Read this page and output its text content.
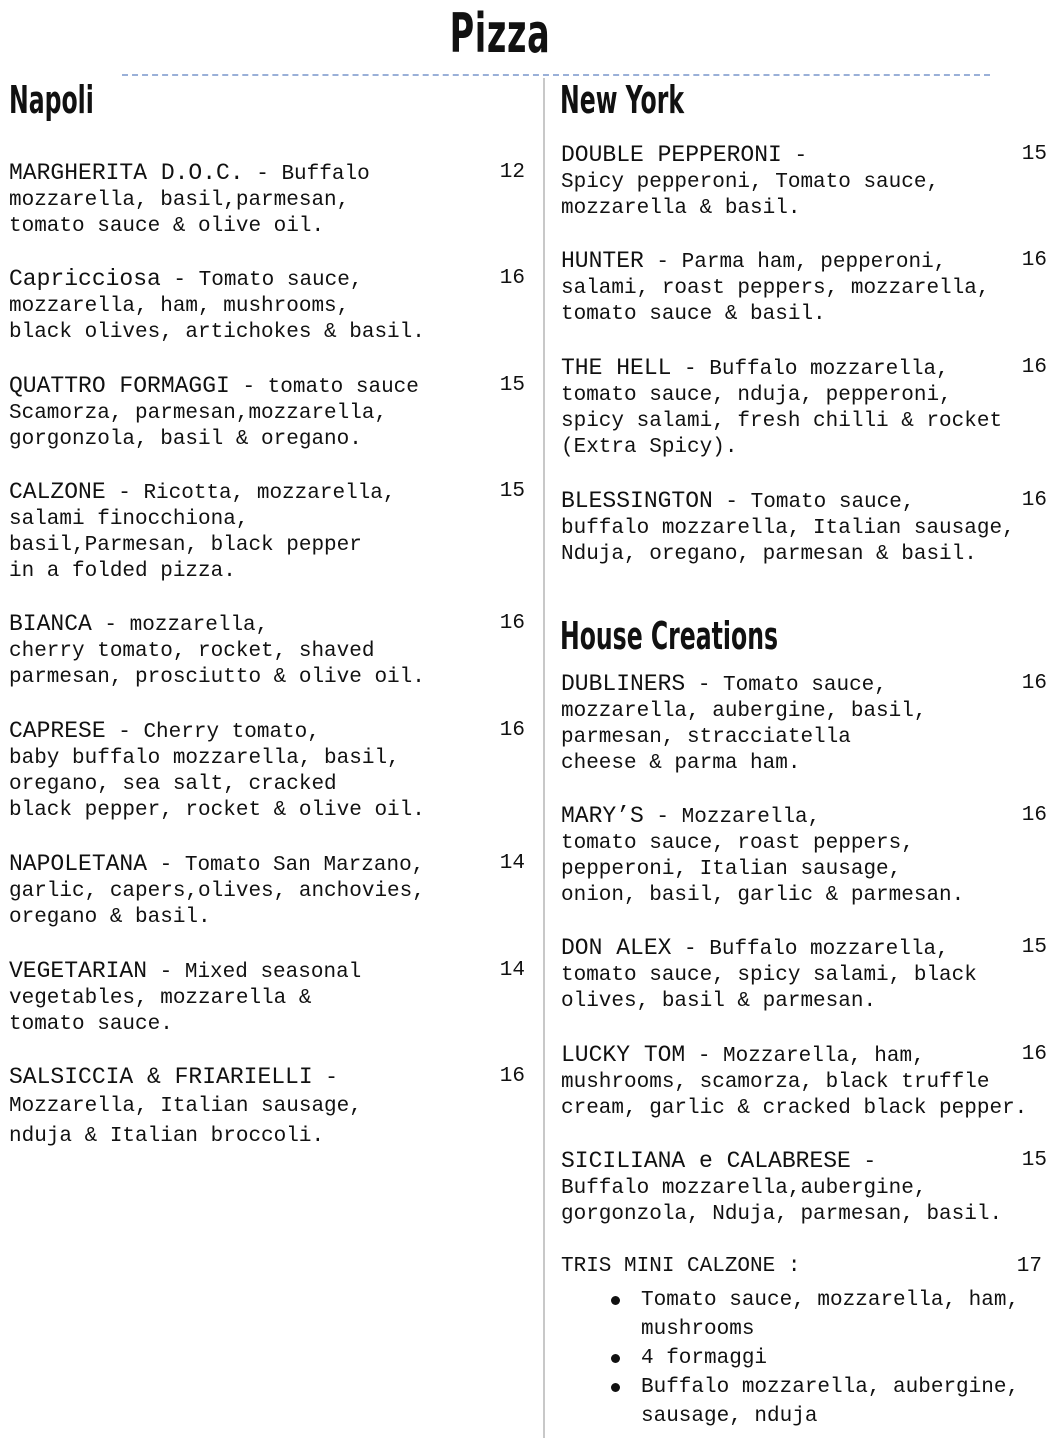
Pizza
Napoli	New York
House Creations
MARGHERITA D.O.C. - Buffalo
mozzarella, basil,parmesan,
tomato sauce & olive oil.
12
Capricciosa - Tomato sauce,
mozzarella, ham, mushrooms,
black olives, artichokes & basil.
16
QUATTRO FORMAGGI - tomato sauce
Scamorza, parmesan,mozzarella,
gorgonzola, basil & oregano.
15
CALZONE - Ricotta, mozzarella,
salami finocchiona,
basil,Parmesan, black pepper
in a folded pizza.
15
BIANCA - mozzarella,
cherry tomato, rocket, shaved
parmesan, prosciutto & olive oil.
16
CAPRESE - Cherry tomato,
baby buffalo mozzarella, basil,
oregano, sea salt, cracked
black pepper, rocket & olive oil.
16
NAPOLETANA - Tomato San Marzano,
garlic, capers,olives, anchovies,
oregano & basil.
14
VEGETARIAN - Mixed seasonal
vegetables, mozzarella &
tomato sauce.
14
SALSICCIA & FRIARIELLI -
Mozzarella, Italian sausage,
nduja & Italian broccoli.
16
DOUBLE PEPPERONI -
Spicy pepperoni, Tomato sauce,
mozzarella & basil.
15
HUNTER - Parma ham, pepperoni,
salami, roast peppers, mozzarella,
tomato sauce & basil.
16
THE HELL - Buffalo mozzarella,
tomato sauce, nduja, pepperoni,
spicy salami, fresh chilli & rocket
(Extra Spicy).
16
BLESSINGTON - Tomato sauce,
buffalo mozzarella, Italian sausage,
Nduja, oregano, parmesan & basil.
16
DUBLINERS - Tomato sauce,
mozzarella, aubergine, basil,
parmesan, stracciatella
cheese & parma ham.
16
MARY’S - Mozzarella,
tomato sauce, roast peppers,
pepperoni, Italian sausage,
onion, basil, garlic & parmesan.
16
DON ALEX - Buffalo mozzarella,
tomato sauce, spicy salami, black
olives, basil & parmesan.
15
LUCKY TOM - Mozzarella, ham,
mushrooms, scamorza, black truffle
cream, garlic & cracked black pepper.
16
SICILIANA e CALABRESE -
Buffalo mozzarella,aubergine,
gorgonzola, Nduja, parmesan, basil.
15
TRIS MINI CALZONE :	17
Tomato sauce, mozzarella, ham,
mushrooms
4 formaggi
Buffalo mozzarella, aubergine,
sausage, nduja
